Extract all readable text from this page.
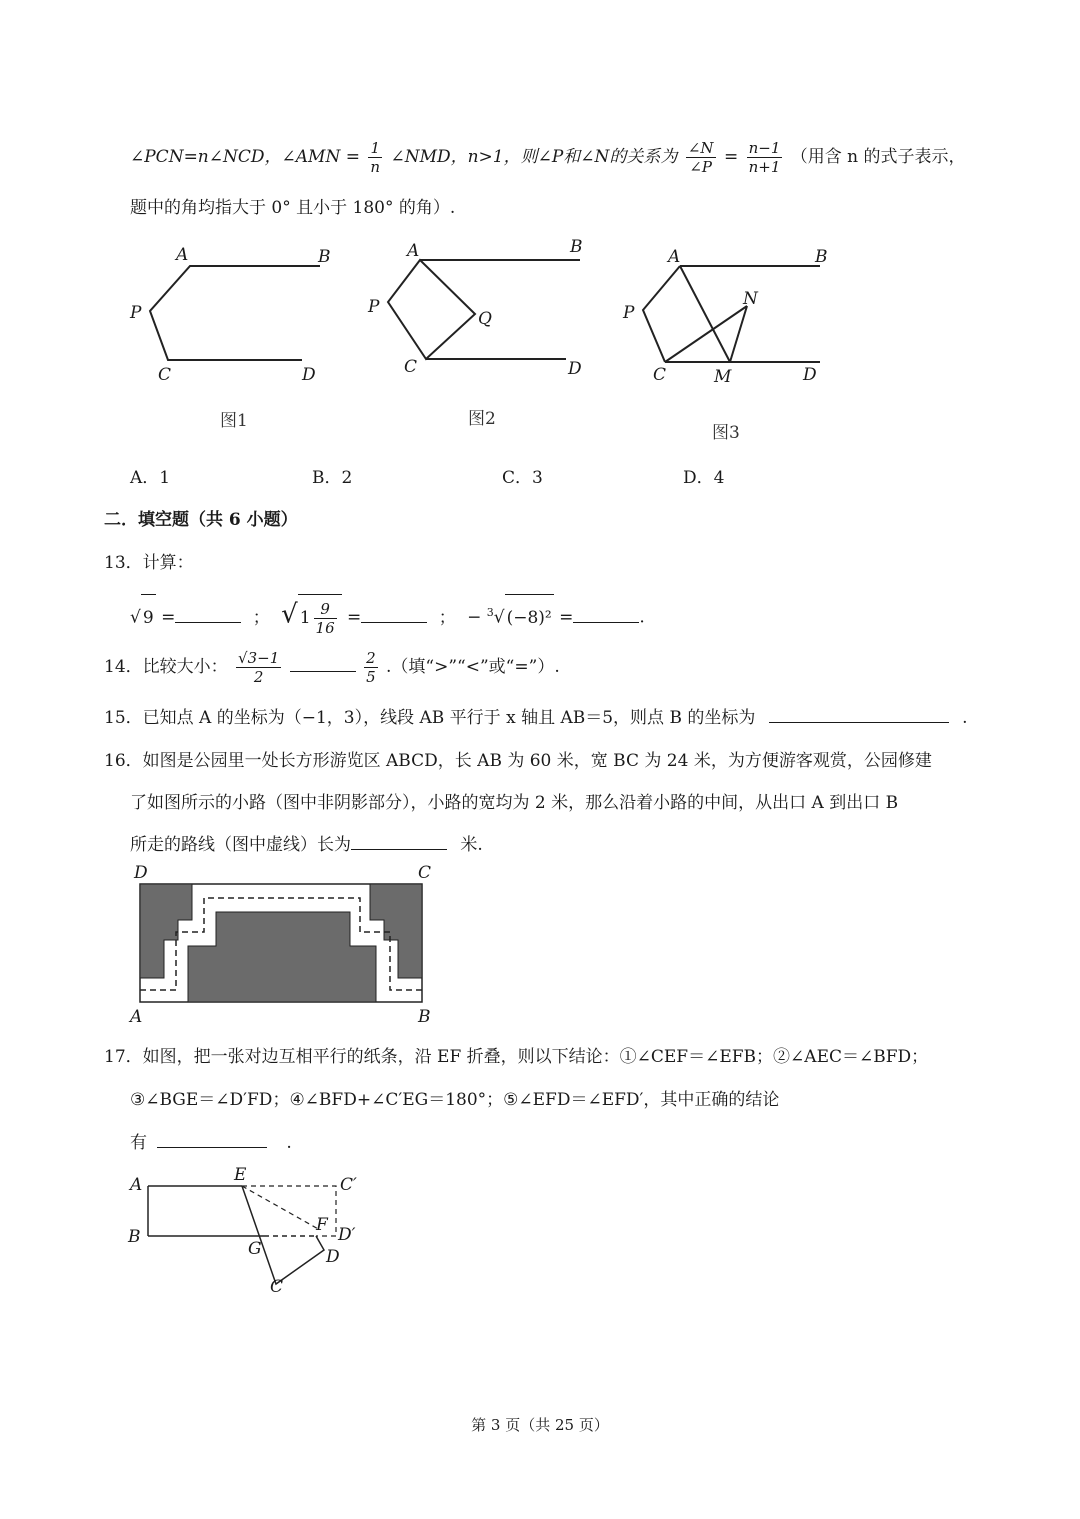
∠PCN=n∠NCD，∠AMN = $\frac{1}{n}$ ∠NMD，n>1，则∠P和∠N的关系为 $\frac{\angle N}{\angle P} = \frac{n-1}{n+1}$ （用含 n 的式子表示，
题中的角均指大于 0° 且小于 180° 的角）.
A	B
P
C	D
图1
A	B
P
Q
C	D
图2
A	B
N
P
C	M	D
图3
A．1	B．2	C．3	D．4
二．填空题（共 6 小题）
13．计算：
√ 9 =	； √ $1 \frac{9}{16}$ =	； − $^3$√ (−8)² =	.
14．比较大小： $\frac{√3-1}{2}$
	$\frac{2}{5}$ .（填“>”“<”或“=”）.
15．已知点 A 的坐标为（−1，3），线段 AB 平行于 x 轴且 AB＝5，则点 B 的坐标为	.
16．如图是公园里一处长方形游览区 ABCD，长 AB 为 60 米，宽 BC 为 24 米，为方便游客观赏，公园修建
了如图所示的小路（图中非阴影部分），小路的宽均为 2 米，那么沿着小路的中间，从出口 A 到出口 B
所走的路线（图中虚线）长为	米.
D	C
A	B
17．如图，把一张对边互相平行的纸条，沿 EF 折叠，则以下结论：①∠CEF＝∠EFB；②∠AEC＝∠BFD；
③∠BGE＝∠D′FD；④∠BFD+∠C′EG＝180°；⑤∠EFD＝∠EFD′，其中正确的结论
有	.
A	E	C′
F D′
B
G	D
C
第 3 页（共 25 页）
